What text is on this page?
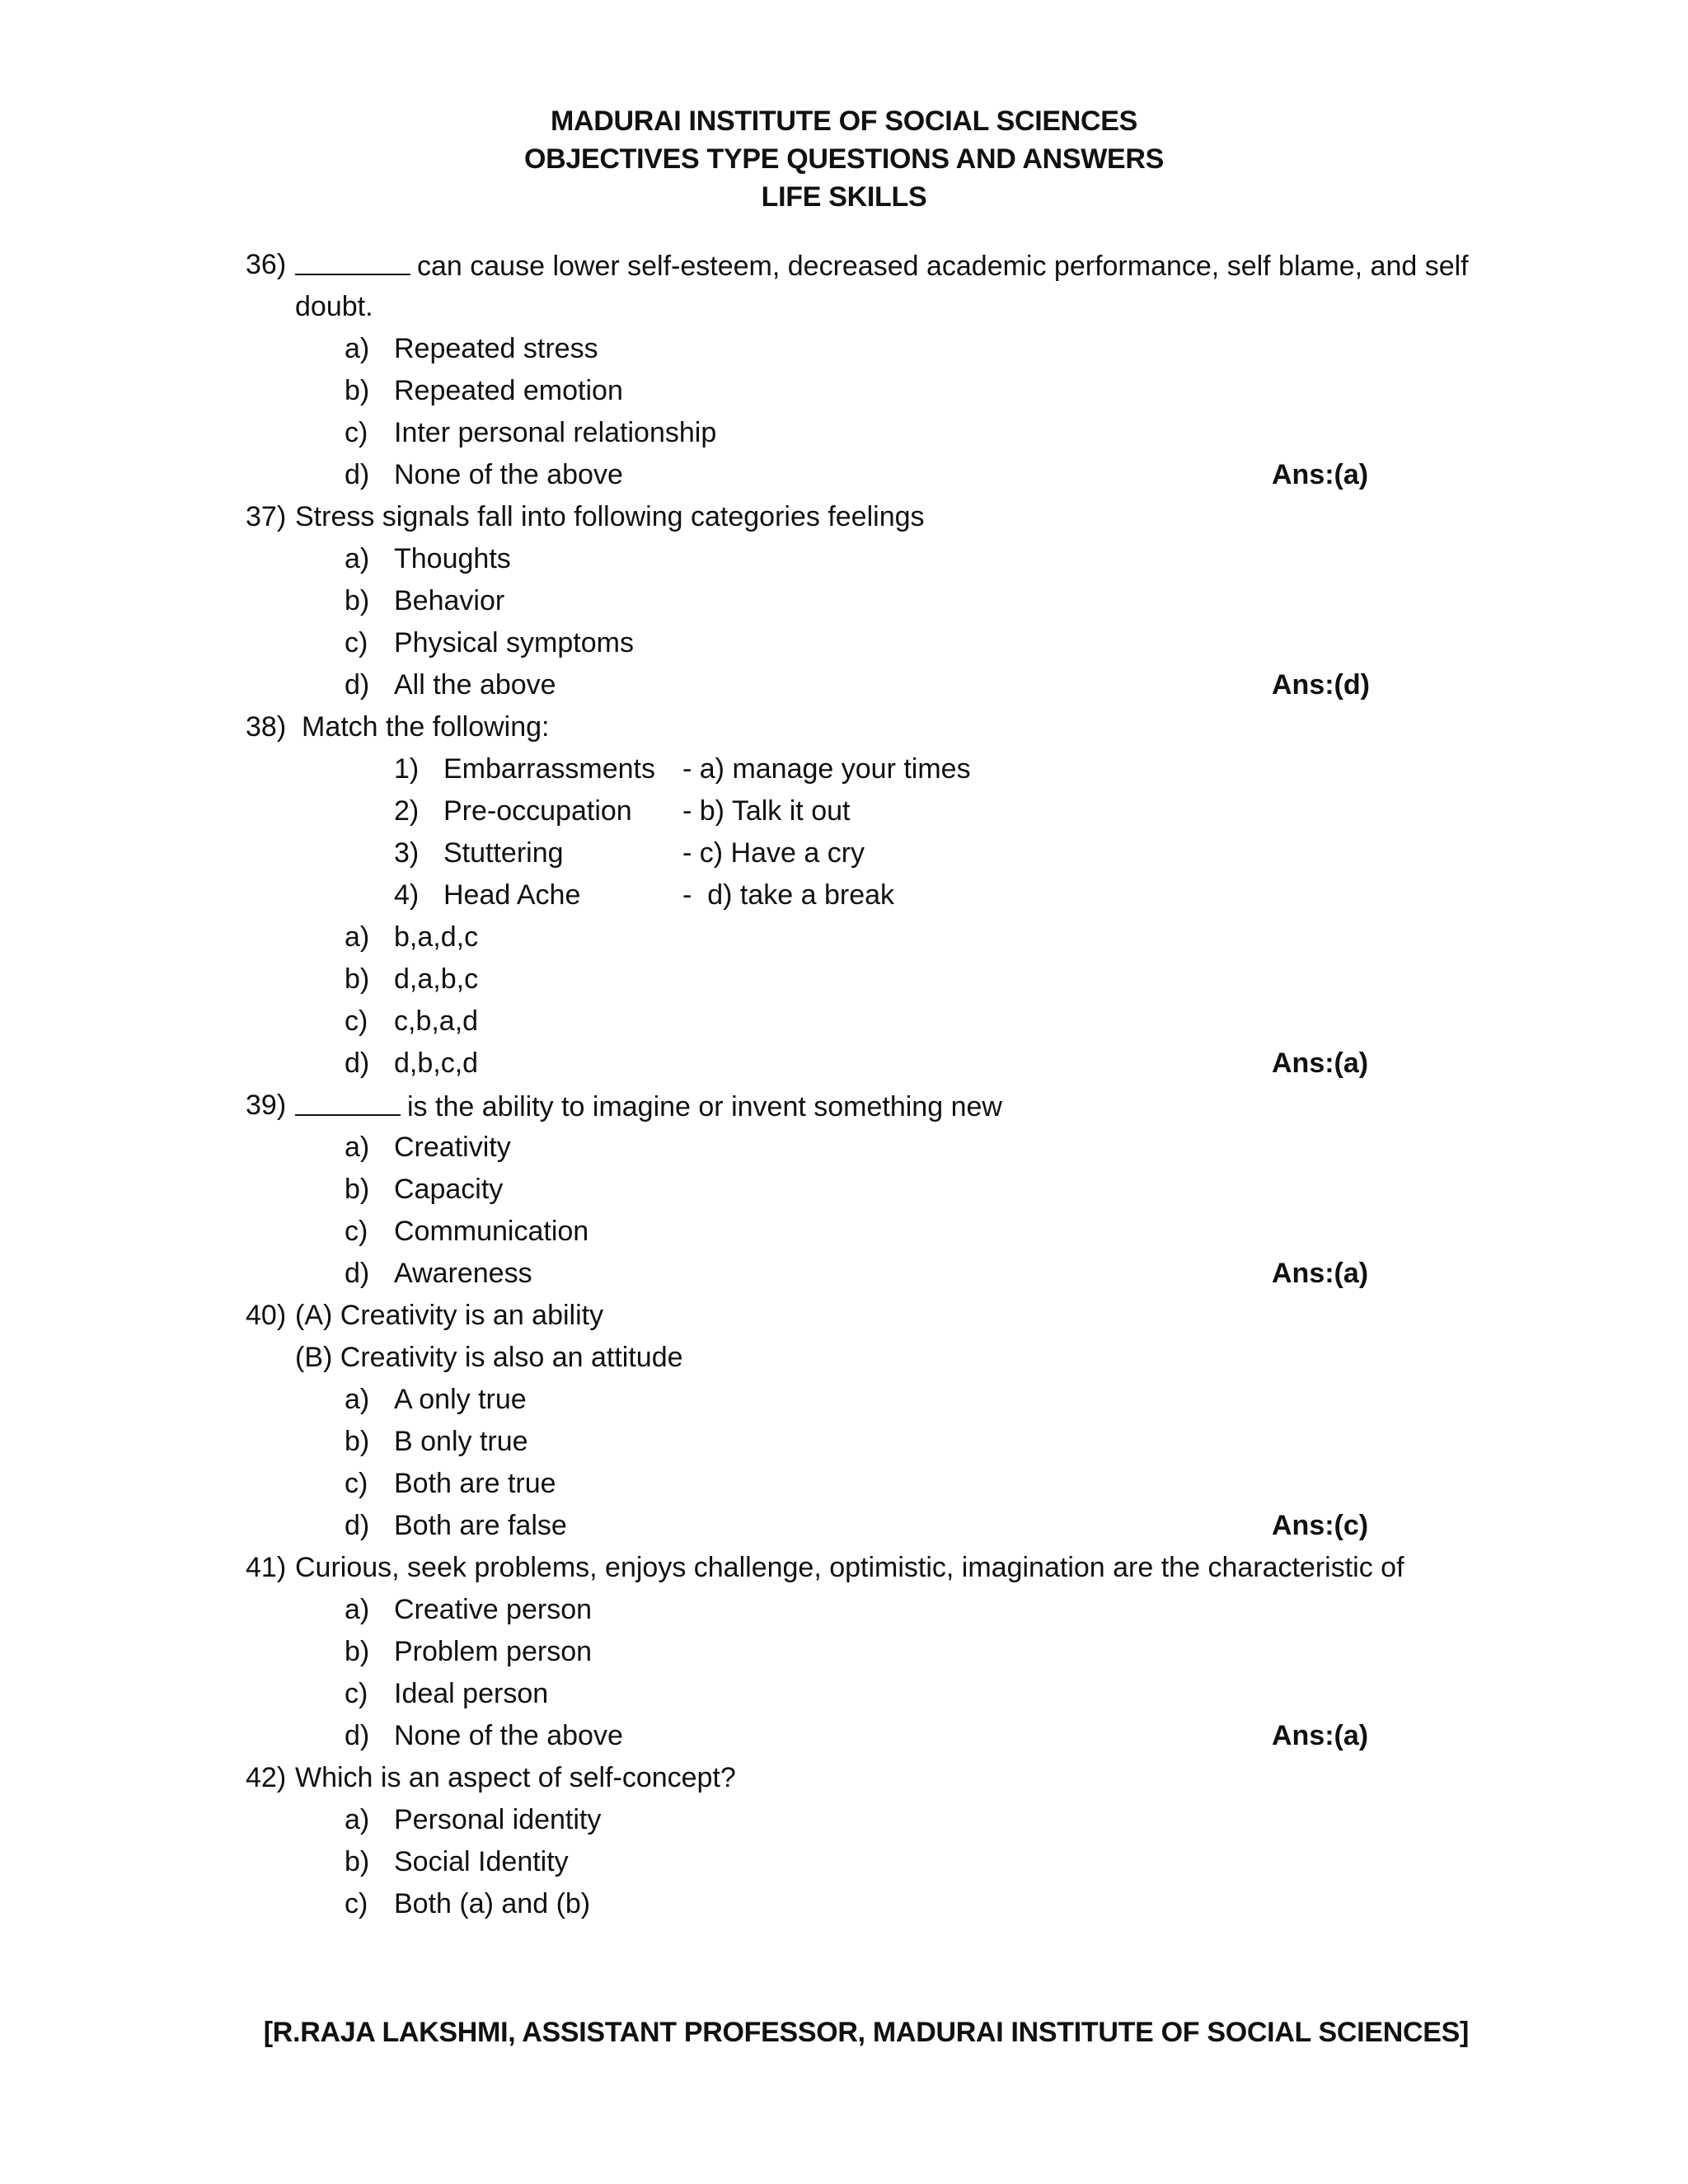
MADURAI INSTITUTE OF SOCIAL SCIENCES
OBJECTIVES TYPE QUESTIONS AND ANSWERS
LIFE SKILLS
36)	can cause lower self-esteem, decreased academic performance, self blame, and self
doubt.
a) Repeated stress
b) Repeated emotion
c) Inter personal relationship
d) None of the above	Ans:(a)
37) Stress signals fall into following categories feelings
a) Thoughts
b) Behavior
c) Physical symptoms
d) All the above	Ans:(d)
38) Match the following:
1) Embarrassments - a) manage your times
2) Pre-occupation - b) Talk it out
3) Stuttering	- c) Have a cry
4) Head Ache	-  d) take a break
a) b,a,d,c
b) d,a,b,c
c) c,b,a,d
d) d,b,c,d	Ans:(a)
39)	is the ability to imagine or invent something new
a) Creativity
b) Capacity
c) Communication
d) Awareness	Ans:(a)
40) (A) Creativity is an ability
(B) Creativity is also an attitude
a) A only true
b) B only true
c) Both are true
d) Both are false	Ans:(c)
41) Curious, seek problems, enjoys challenge, optimistic, imagination are the characteristic of
a) Creative person
b) Problem person
c) Ideal person
d) None of the above	Ans:(a)
42) Which is an aspect of self-concept?
a) Personal identity
b) Social Identity
c) Both (a) and (b)
[R.RAJA LAKSHMI, ASSISTANT PROFESSOR, MADURAI INSTITUTE OF SOCIAL SCIENCES]
